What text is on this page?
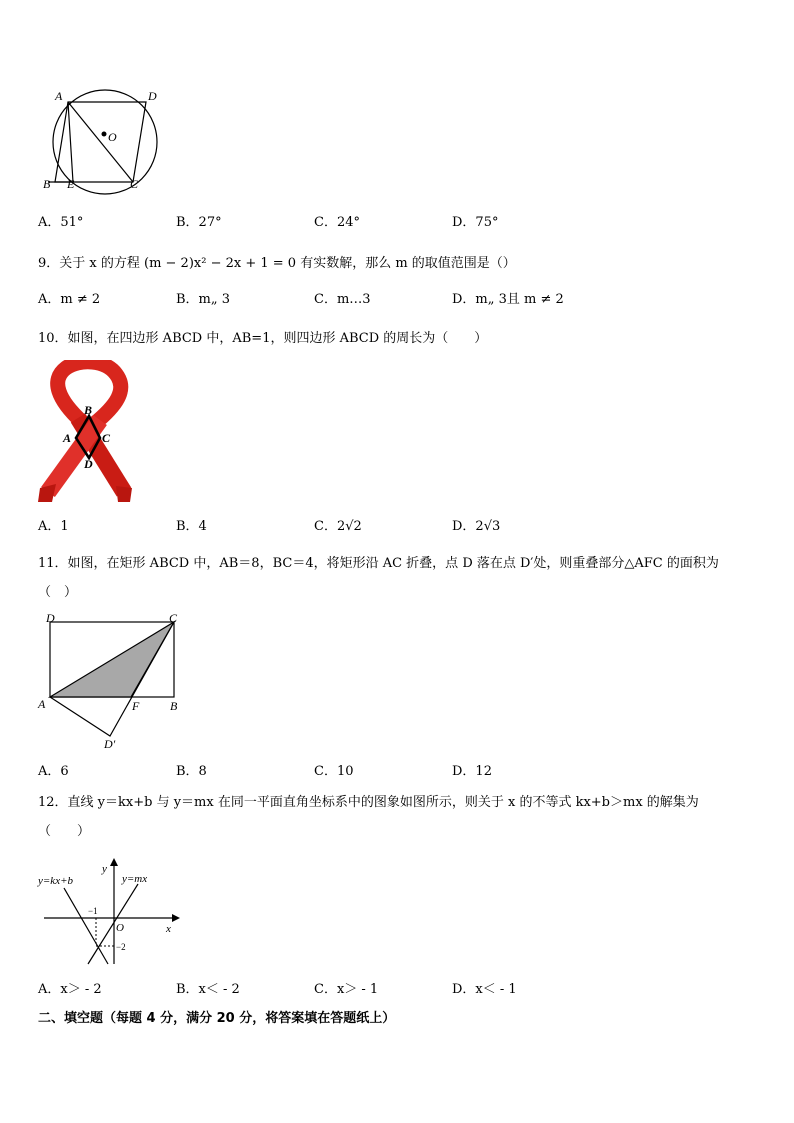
A	D
O
B E	C
A．51°	B．27°	C．24°	D．75°
9．关于 x 的方程 (m − 2)x² − 2x + 1 = 0 有实数解，那么 m 的取值范围是（）
A．m ≠ 2	B．m„ 3	C．m…3	D．m„ 3且 m ≠ 2
10．如图，在四边形 ABCD 中，AB=1，则四边形 ABCD 的周长为（　　）
B
A	C
D
A．1	B．4	C．2√2	D．2√3
11．如图，在矩形 ABCD 中，AB＝8，BC＝4，将矩形沿 AC 折叠，点 D 落在点 D′处，则重叠部分△AFC 的面积为
（　）
D	C
A	F	B
D′
A．6	B．8	C．10	D．12
12．直线 y＝kx+b 与 y＝mx 在同一平面直角坐标系中的图象如图所示，则关于 x 的不等式 kx+b＞mx 的解集为
（　　）
y=kx+b	y=mx
y
x
O
−1
−2
A．x＞ - 2	B．x＜ - 2	C．x＞ - 1	D．x＜ - 1
二、填空题（每题 4 分，满分 20 分，将答案填在答题纸上）
